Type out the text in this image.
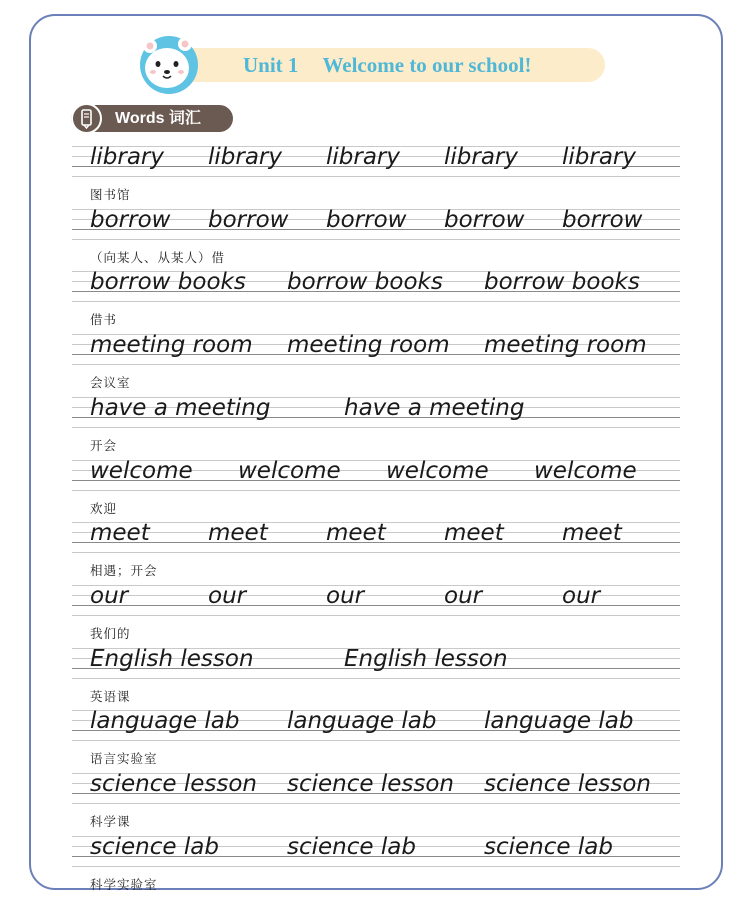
Unit 1 Welcome to our school!
Words 词汇
library library library library library
图书馆
borrow borrow borrow borrow borrow
（向某人、从某人）借
borrow books borrow books borrow books
借书
meeting room meeting room meeting room
会议室
have a meeting	have a meeting
开会
welcome welcome welcome welcome
欢迎
meet	meet	meet	meet	meet
相遇；开会
our	our	our	our	our
我们的
English lesson	English lesson
英语课
language lab language lab language lab
语言实验室
science lesson science lesson science lesson
科学课
science lab	science lab	science lab
科学实验室
